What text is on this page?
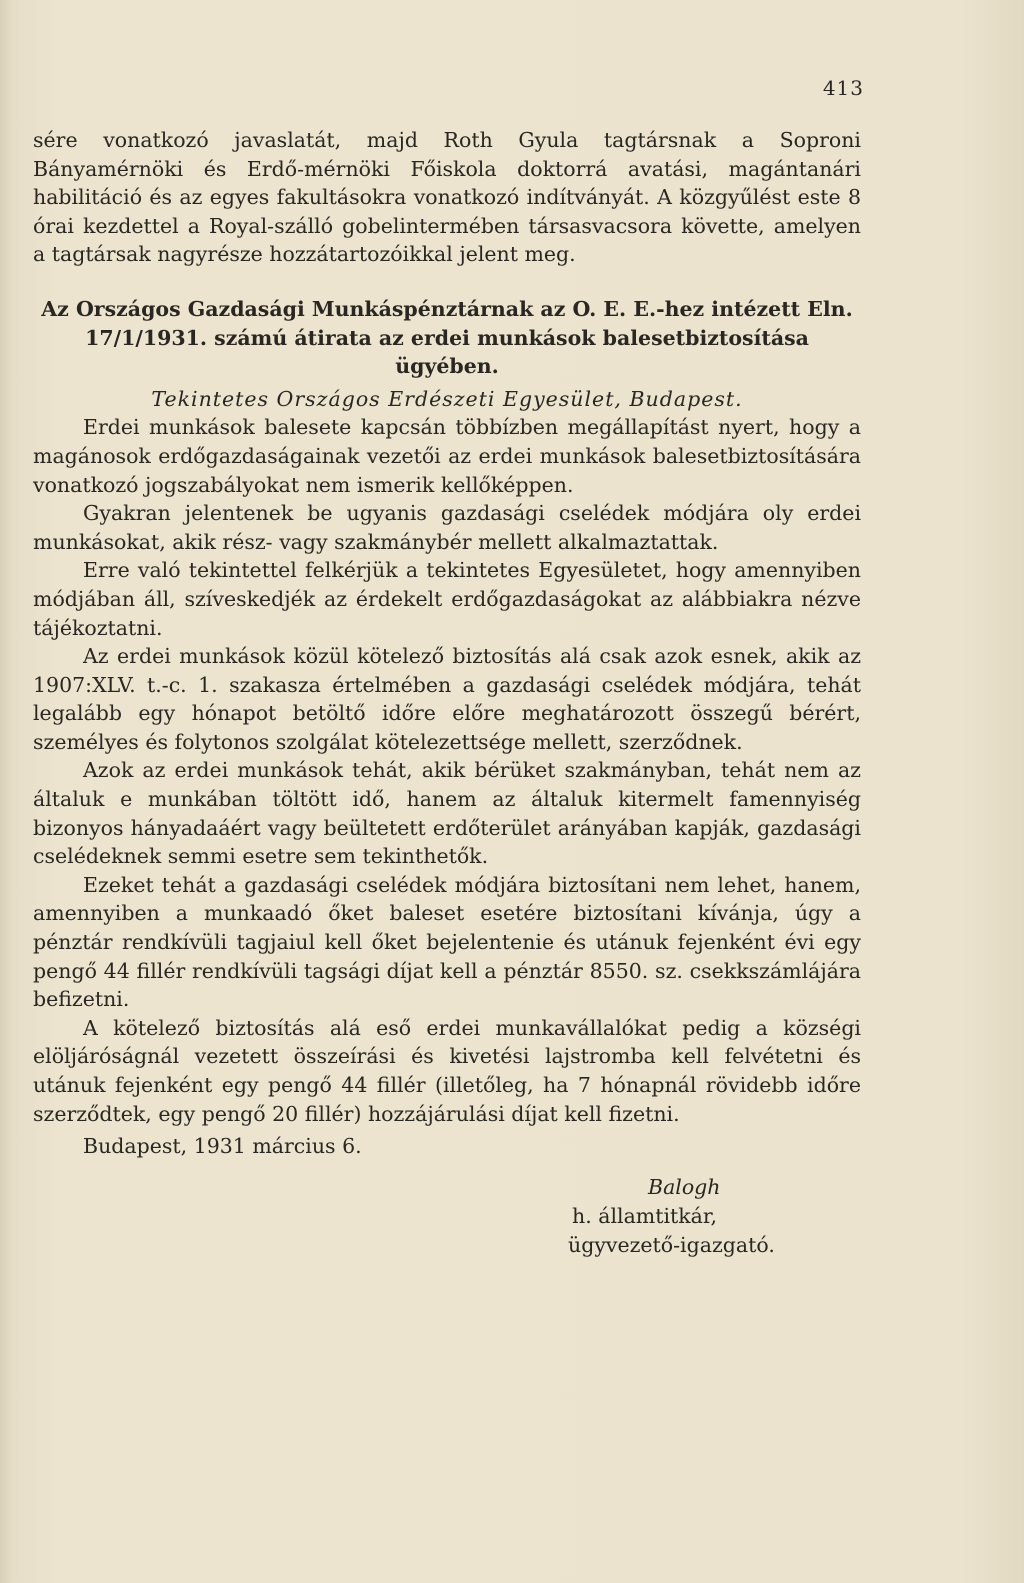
413

sére vonatkozó javaslatát, majd Roth Gyula tagtársnak a Soproni Bányamérnöki és Erdő-mérnöki Főiskola doktorrá avatási, magántanári habilitáció és az egyes fakultásokra vonatkozó indítványát. A közgyűlést este 8 órai kezdettel a Royal-szálló gobelintermében társasvacsora követte, amelyen a tagtársak nagyrésze hozzátartozóikkal jelent meg.

Az Országos Gazdasági Munkáspénztárnak az O. E. E.-hez intézett Eln. 17/1/1931. számú átirata az erdei munkások balesetbiztosítása ügyében.

Tekintetes Országos Erdészeti Egyesület, Budapest.

Erdei munkások balesete kapcsán többízben megállapítást nyert, hogy a magánosok erdőgazdaságainak vezetői az erdei munkások balesetbiztosítására vonatkozó jogszabályokat nem ismerik kellőképpen.

Gyakran jelentenek be ugyanis gazdasági cselédek módjára oly erdei munkásokat, akik rész- vagy szakmánybér mellett alkalmaztattak.

Erre való tekintettel felkérjük a tekintetes Egyesületet, hogy amennyiben módjában áll, szíveskedjék az érdekelt erdőgazdaságokat az alábbiakra nézve tájékoztatni.

Az erdei munkások közül kötelező biztosítás alá csak azok esnek, akik az 1907:XLV. t.-c. 1. szakasza értelmében a gazdasági cselédek módjára, tehát legalább egy hónapot betöltő időre előre meghatározott összegű bérért, személyes és folytonos szolgálat kötelezettsége mellett, szerződnek.

Azok az erdei munkások tehát, akik bérüket szakmányban, tehát nem az általuk e munkában töltött idő, hanem az általuk kitermelt famennyiség bizonyos hányadaáért vagy beültetett erdőterület arányában kapják, gazdasági cselédeknek semmi esetre sem tekinthetők.

Ezeket tehát a gazdasági cselédek módjára biztosítani nem lehet, hanem, amennyiben a munkaadó őket baleset esetére biztosítani kívánja, úgy a pénztár rendkívüli tagjaiul kell őket bejelentenie és utánuk fejenként évi egy pengő 44 fillér rendkívüli tagsági díjat kell a pénztár 8550. sz. csekkszámlájára befizetni.

A kötelező biztosítás alá eső erdei munkavállalókat pedig a községi elöljáróságnál vezetett összeírási és kivetési lajstromba kell felvétetni és utánuk fejenként egy pengő 44 fillér (illetőleg, ha 7 hónapnál rövidebb időre szerződtek, egy pengő 20 fillér) hozzájárulási díjat kell fizetni.

Budapest, 1931 március 6.

Balogh
h. államtitkár,
ügyvezető-igazgató.
